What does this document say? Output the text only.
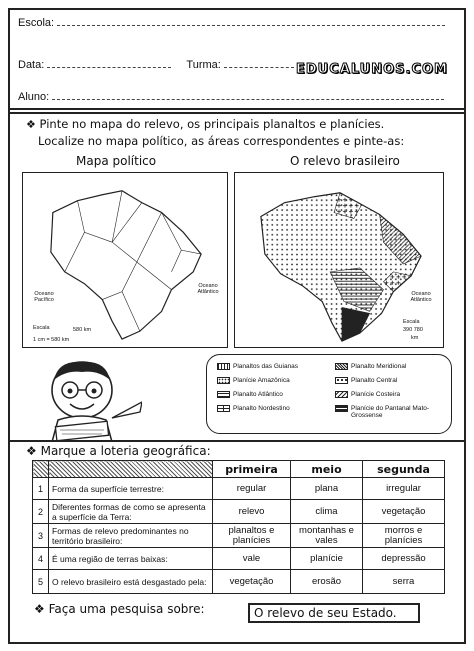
Escola:
Data:	Turma:	EDUCALUNOS.COM
Aluno:
❖ Pinte no mapa do relevo, os principais planaltos e planícies.
Localize no mapa político, as áreas correspondentes e pinte-as:
Mapa político	O relevo brasileiro
Oceano Pacífico
Oceano Atlântico
Escala	580 km
1 cm = 580 km
Oceano Atlântico
Escala
390 780
km
Planaltos das Guianas	Planalto Meridional
Planície Amazônica	Planalto Central
Planalto Atlântico	Planície Costeira
Planalto Nordestino	Planície do Pantanal Mato-Grossense
❖ Marque a loteria geográfica:
		primeira	meio	segunda
1	Forma da superfície terrestre:	regular	plana	irregular
2	Diferentes formas de como se apresenta a superfície da Terra:	relevo	clima	vegetação
3	Formas de relevo predominantes no território brasileiro:	planaltos e planícies	montanhas e vales	morros e planícies
4	É uma região de terras baixas:	vale	planície	depressão
5	O relevo brasileiro está desgastado pela:	vegetação	erosão	serra
❖ Faça uma pesquisa sobre:	O relevo de seu Estado.
